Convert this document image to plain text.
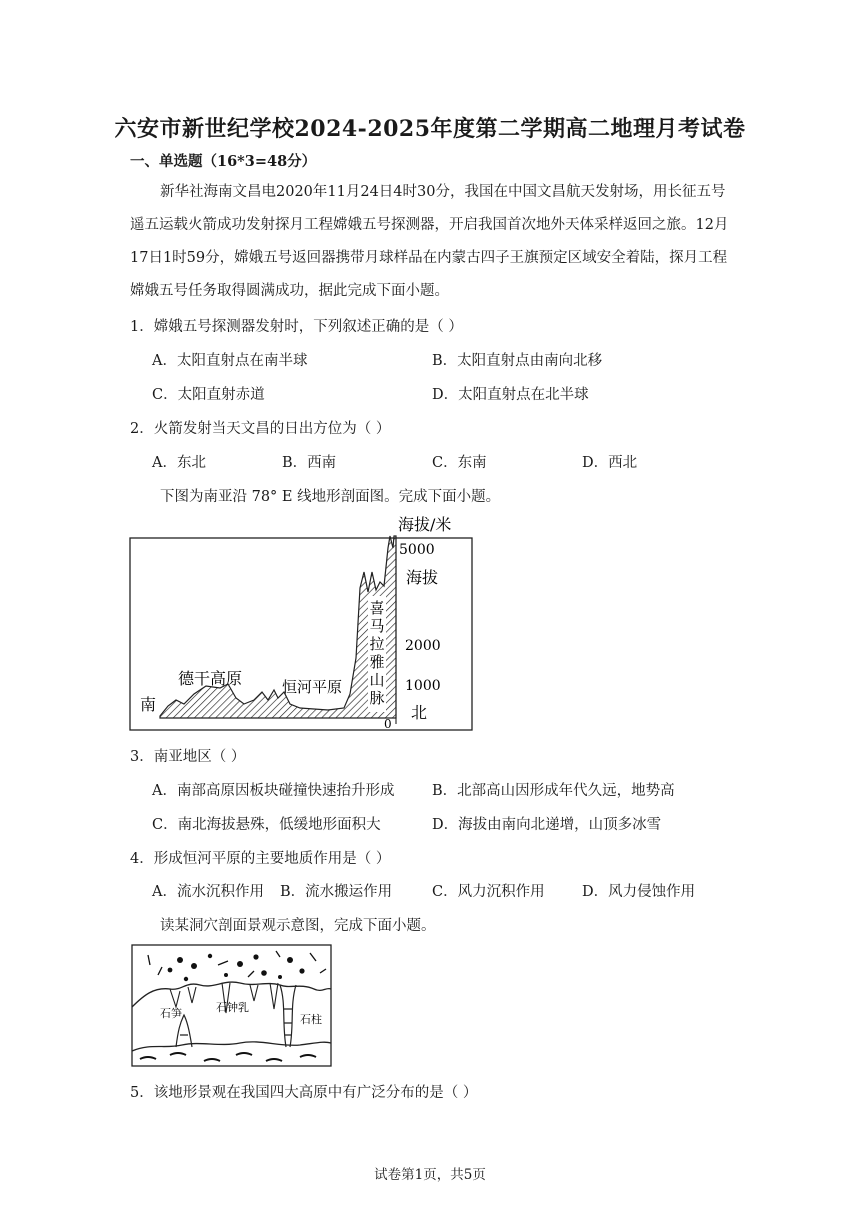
六安市新世纪学校2024-2025年度第二学期高二地理月考试卷
一、单选题（16*3=48分）
新华社海南文昌电2020年11月24日4时30分，我国在中国文昌航天发射场，用长征五号遥五运载火箭成功发射探月工程嫦娥五号探测器，开启我国首次地外天体采样返回之旅。12月17日1时59分，嫦娥五号返回器携带月球样品在内蒙古四子王旗预定区域安全着陆，探月工程嫦娥五号任务取得圆满成功，据此完成下面小题。
1．嫦娥五号探测器发射时，下列叙述正确的是（ ）
A．太阳直射点在南半球	B．太阳直射点由南向北移
C．太阳直射赤道	D．太阳直射点在北半球
2．火箭发射当天文昌的日出方位为（ ）
A．东北	B．西南	C．东南	D．西北
下图为南亚沿 78° E 线地形剖面图。完成下面小题。
喜
马
拉
雅
山
脉
海拔/米
5000
海拔
2000
1000
北
0
南
德干高原	恒河平原
3．南亚地区（ ）
A．南部高原因板块碰撞快速抬升形成	B．北部高山因形成年代久远，地势高
C．南北海拔悬殊，低缓地形面积大	D．海拔由南向北递增，山顶多冰雪
4．形成恒河平原的主要地质作用是（ ）
A．流水沉积作用 B．流水搬运作用	C．风力沉积作用	D．风力侵蚀作用
读某洞穴剖面景观示意图，完成下面小题。
石笋	石钟乳
石柱
5．该地形景观在我国四大高原中有广泛分布的是（ ）
试卷第1页，共5页
